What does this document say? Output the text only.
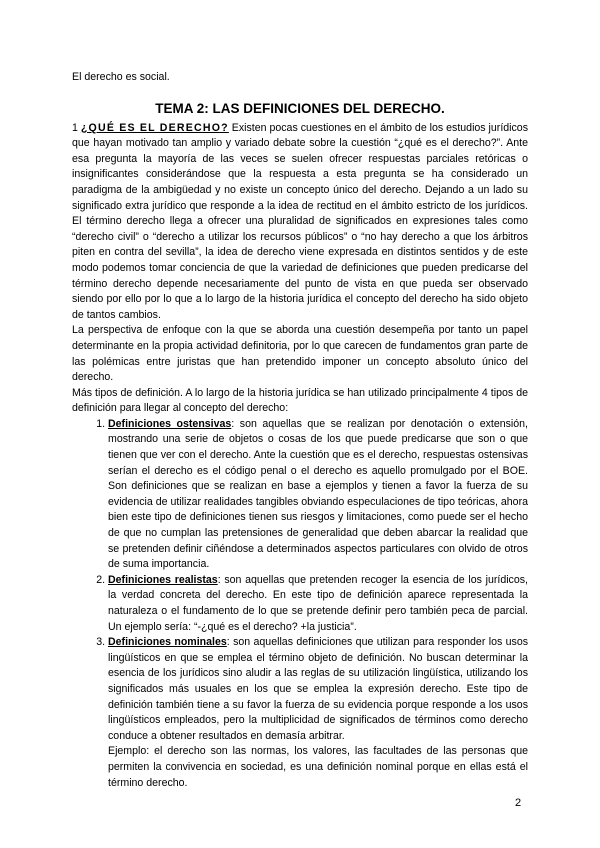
El derecho es social.

TEMA 2: LAS DEFINICIONES DEL DERECHO.

1 ¿QUÉ ES EL DERECHO? Existen pocas cuestiones en el ámbito de los estudios jurídicos que hayan motivado tan amplio y variado debate sobre la cuestión “¿qué es el derecho?”. Ante esa pregunta la mayoría de las veces se suelen ofrecer respuestas parciales retóricas o insignificantes considerándose que la respuesta a esta pregunta se ha considerado un paradigma de la ambigüedad y no existe un concepto único del derecho. Dejando a un lado su significado extra jurídico que responde a la idea de rectitud en el ámbito estricto de los jurídicos. El término derecho llega a ofrecer una pluralidad de significados en expresiones tales como “derecho civil” o “derecho a utilizar los recursos públicos” o “no hay derecho a que los árbitros piten en contra del sevilla”, la idea de derecho viene expresada en distintos sentidos y de este modo podemos tomar conciencia de que la variedad de definiciones que pueden predicarse del término derecho depende necesariamente del punto de vista en que pueda ser observado siendo por ello por lo que a lo largo de la historia jurídica el concepto del derecho ha sido objeto de tantos cambios.

La perspectiva de enfoque con la que se aborda una cuestión desempeña por tanto un papel determinante en la propia actividad definitoria, por lo que carecen de fundamentos gran parte de las polémicas entre juristas que han pretendido imponer un concepto absoluto único del derecho.

Más tipos de definición. A lo largo de la historia jurídica se han utilizado principalmente 4 tipos de definición para llegar al concepto del derecho:

1. Definiciones ostensivas: son aquellas que se realizan por denotación o extensión, mostrando una serie de objetos o cosas de los que puede predicarse que son o que tienen que ver con el derecho. Ante la cuestión que es el derecho, respuestas ostensivas serían el derecho es el código penal o el derecho es aquello promulgado por el BOE. Son definiciones que se realizan en base a ejemplos y tienen a favor la fuerza de su evidencia de utilizar realidades tangibles obviando especulaciones de tipo teóricas, ahora bien este tipo de definiciones tienen sus riesgos y limitaciones, como puede ser el hecho de que no cumplan las pretensiones de generalidad que deben abarcar la realidad que se pretenden definir ciñéndose a determinados aspectos particulares con olvido de otros de suma importancia.
2. Definiciones realistas: son aquellas que pretenden recoger la esencia de los jurídicos, la verdad concreta del derecho. En este tipo de definición aparece representada la naturaleza o el fundamento de lo que se pretende definir pero también peca de parcial. Un ejemplo sería: “-¿qué es el derecho? +la justicia”.
3. Definiciones nominales: son aquellas definiciones que utilizan para responder los usos lingüísticos en que se emplea el término objeto de definición. No buscan determinar la esencia de los jurídicos sino aludir a las reglas de su utilización lingüística, utilizando los significados más usuales en los que se emplea la expresión derecho. Este tipo de definición también tiene a su favor la fuerza de su evidencia porque responde a los usos lingüísticos empleados, pero la multiplicidad de significados de términos como derecho conduce a obtener resultados en demasía arbitrar.
Ejemplo: el derecho son las normas, los valores, las facultades de las personas que permiten la convivencia en sociedad, es una definición nominal porque en ellas está el término derecho.
2
